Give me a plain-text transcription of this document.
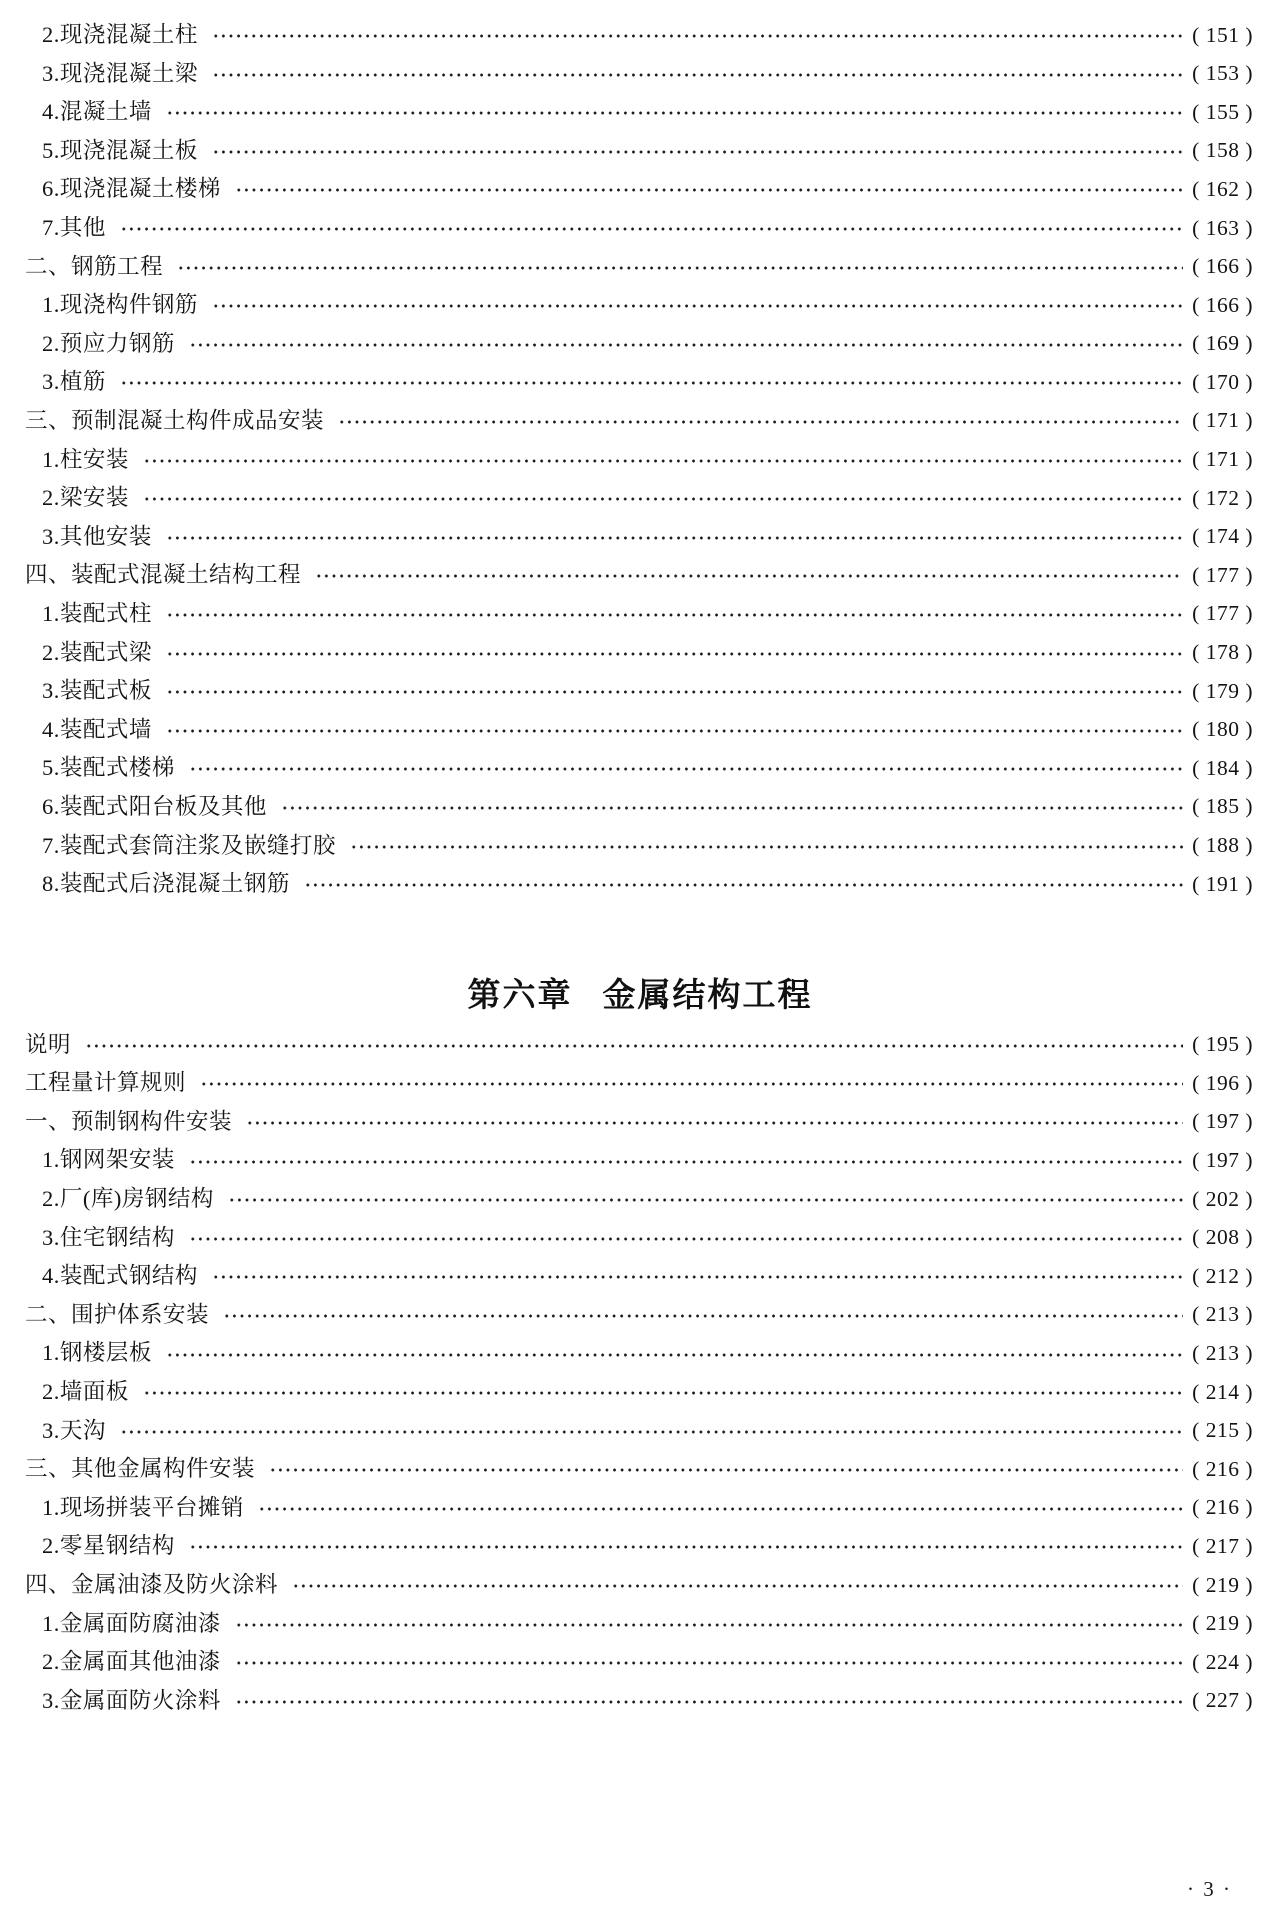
2.现浇混凝土柱	( 151 )
3.现浇混凝土梁	( 153 )
4.混凝土墙	( 155 )
5.现浇混凝土板	( 158 )
6.现浇混凝土楼梯	( 162 )
7.其他	( 163 )
二、钢筋工程	( 166 )
1.现浇构件钢筋	( 166 )
2.预应力钢筋	( 169 )
3.植筋	( 170 )
三、预制混凝土构件成品安装	( 171 )
1.柱安装	( 171 )
2.梁安装	( 172 )
3.其他安装	( 174 )
四、装配式混凝土结构工程	( 177 )
1.装配式柱	( 177 )
2.装配式梁	( 178 )
3.装配式板	( 179 )
4.装配式墙	( 180 )
5.装配式楼梯	( 184 )
6.装配式阳台板及其他	( 185 )
7.装配式套筒注浆及嵌缝打胶	( 188 )
8.装配式后浇混凝土钢筋	( 191 )
第六章 金属结构工程
说明	( 195 )
工程量计算规则	( 196 )
一、预制钢构件安装	( 197 )
1.钢网架安装	( 197 )
2.厂(库)房钢结构	( 202 )
3.住宅钢结构	( 208 )
4.装配式钢结构	( 212 )
二、围护体系安装	( 213 )
1.钢楼层板	( 213 )
2.墙面板	( 214 )
3.天沟	( 215 )
三、其他金属构件安装	( 216 )
1.现场拼装平台摊销	( 216 )
2.零星钢结构	( 217 )
四、金属油漆及防火涂料	( 219 )
1.金属面防腐油漆	( 219 )
2.金属面其他油漆	( 224 )
3.金属面防火涂料	( 227 )
· 3 ·
